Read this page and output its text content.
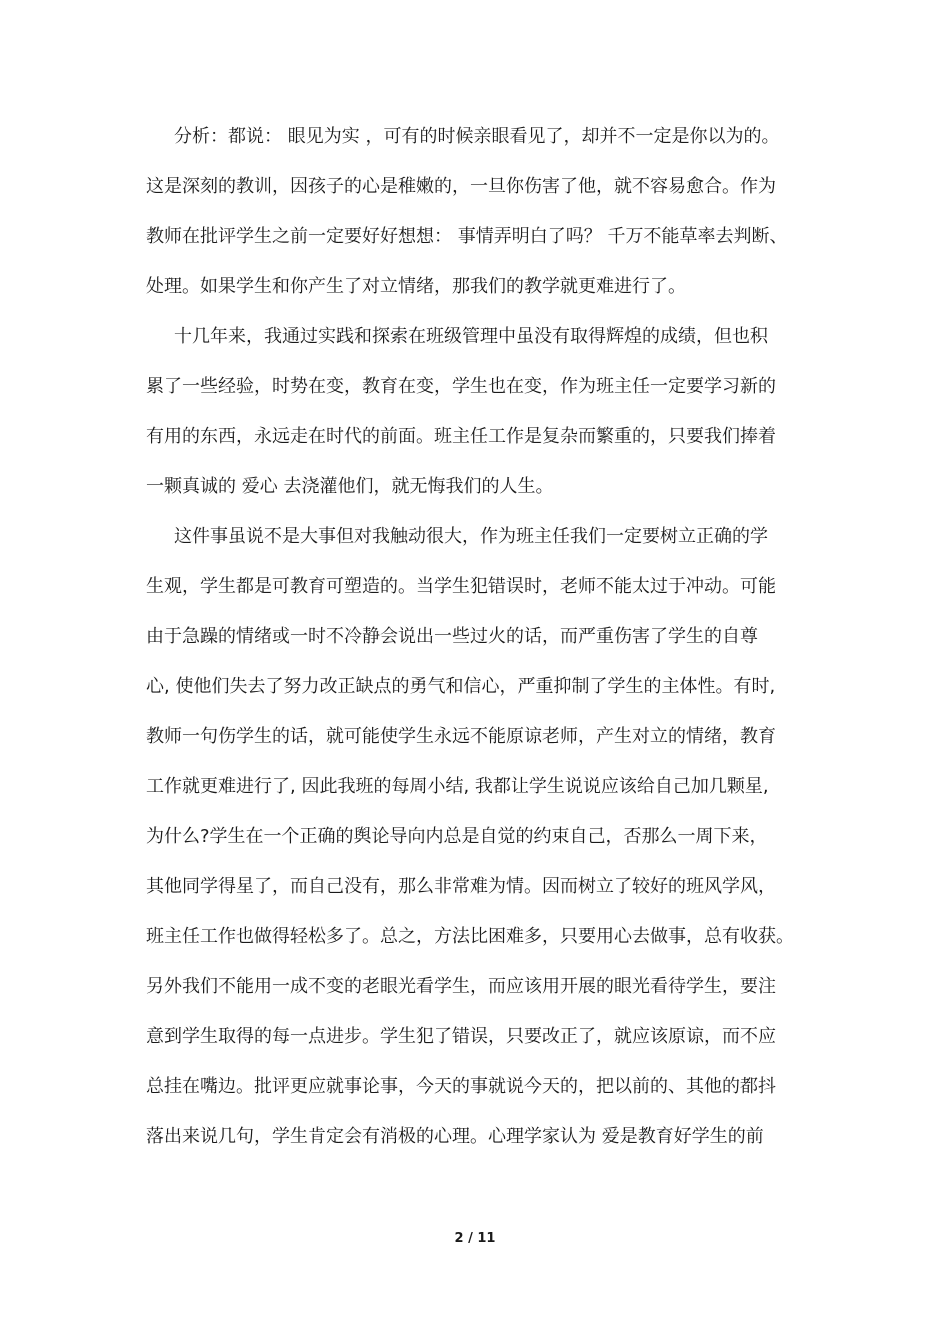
分析：都说： 眼见为实 ，可有的时候亲眼看见了，却并不一定是你以为的。
这是深刻的教训，因孩子的心是稚嫩的，一旦你伤害了他，就不容易愈合。作为
教师在批评学生之前一定要好好想想： 事情弄明白了吗？ 千万不能草率去判断、
处理。如果学生和你产生了对立情绪，那我们的教学就更难进行了。
十几年来，我通过实践和探索在班级管理中虽没有取得辉煌的成绩，但也积
累了一些经验，时势在变，教育在变，学生也在变，作为班主任一定要学习新的
有用的东西，永远走在时代的前面。班主任工作是复杂而繁重的，只要我们捧着
一颗真诚的 爱心 去浇灌他们，就无悔我们的人生。
这件事虽说不是大事但对我触动很大，作为班主任我们一定要树立正确的学
生观，学生都是可教育可塑造的。当学生犯错误时，老师不能太过于冲动。可能
由于急躁的情绪或一时不冷静会说出一些过火的话，而严重伤害了学生的自尊
心, 使他们失去了努力改正缺点的勇气和信心，严重抑制了学生的主体性。有时,
教师一句伤学生的话，就可能使学生永远不能原谅老师，产生对立的情绪，教育
工作就更难进行了, 因此我班的每周小结, 我都让学生说说应该给自己加几颗星,
为什么?学生在一个正确的舆论导向内总是自觉的约束自己，否那么一周下来，
其他同学得星了，而自己没有，那么非常难为情。因而树立了较好的班风学风，
班主任工作也做得轻松多了。总之，方法比困难多，只要用心去做事，总有收获。
另外我们不能用一成不变的老眼光看学生，而应该用开展的眼光看待学生，要注
意到学生取得的每一点进步。学生犯了错误，只要改正了，就应该原谅，而不应
总挂在嘴边。批评更应就事论事，今天的事就说今天的，把以前的、其他的都抖
落出来说几句，学生肯定会有消极的心理。心理学家认为 爱是教育好学生的前
2 / 11
